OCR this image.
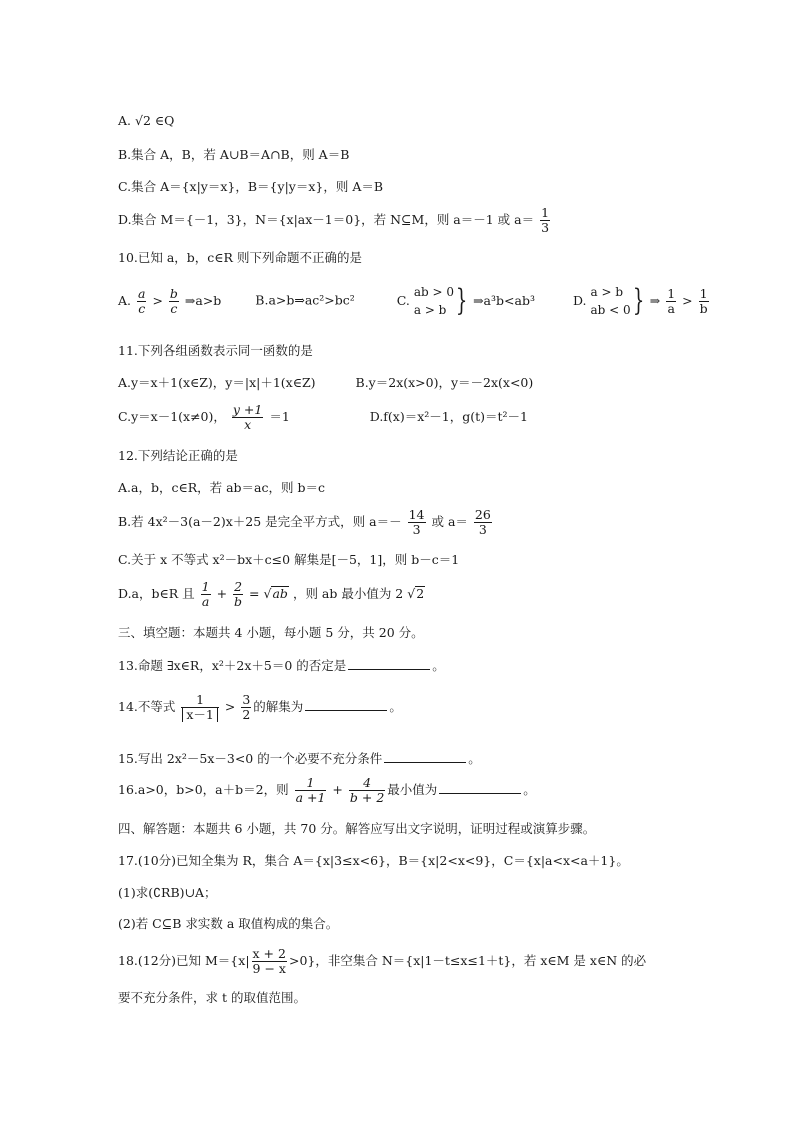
A. √2 ∈Q
B.集合 A，B，若 A∪B＝A∩B，则 A＝B
C.集合 A＝{x|y＝x}，B＝{y|y＝x}，则 A＝B
D.集合 M＝{－1，3}，N＝{x|ax－1＝0}，若 N⊆M，则 a＝－1 或 $a= \frac{1}{3}$
10.已知 a，b，c∈R 则下列命题不正确的是
A. $\frac{a}{c} > \frac{b}{c}$ ⇒a>b	B.a>b⇒ac²>bc²	C.
ab > 0
a > b } ⇒a³b<ab³	D.
a > b
ab < 0 } ⇒ $\frac{1}{a} > \frac{1}{b}$
11.下列各组函数表示同一函数的是
A.y＝x＋1(x∈Z)，y＝|x|＋1(x∈Z)	B.y＝2x(x>0)，y＝－2x(x<0)
C.y＝x－1(x≠0)， $\frac{y +1}{x} =1$	D.f(x)＝x²－1，g(t)＝t²－1
12.下列结论正确的是
A.a，b，c∈R，若 ab＝ac，则 b＝c
B.若 4x²－3(a－2)x＋25 是完全平方式，则 $a=- \frac{14}{3}$ 或 $a= \frac{26}{3}$
C.关于 x 不等式 x²－bx＋c≤0 解集是[－5，1]，则 b－c＝1
D.a，b∈R 且 $\frac{1}{a} + \frac{2}{b} = √ab$ ，则 ab 最小值为 2 √2
三、填空题：本题共 4 小题，每小题 5 分，共 20 分。
13.命题 ∃x∈R，x²＋2x＋5＝0 的否定是	。
14.不等式 $\frac{1}{x-1} > \frac{3}{2}$ 的解集为	。
15.写出 2x²－5x－3<0 的一个必要不充分条件	。
16.a>0，b>0，a＋b＝2，则 $\frac{1}{a +1} + \frac{4}{b + 2}$ 最小值为	。
四、解答题：本题共 6 小题，共 70 分。解答应写出文字说明，证明过程或演算步骤。
17.(10分)已知全集为 R，集合 A＝{x|3≤x<6}，B＝{x|2<x<9}，C＝{x|a<x<a＋1}。
(1)求(∁RB)∪A；
(2)若 C⊆B 求实数 a 取值构成的集合。
18.(12分)已知 $M=\{x| \frac{x + 2}{9 - x} >0\}$，非空集合 N＝{x|1－t≤x≤1＋t}，若 x∈M 是 x∈N 的必
要不充分条件，求 t 的取值范围。
